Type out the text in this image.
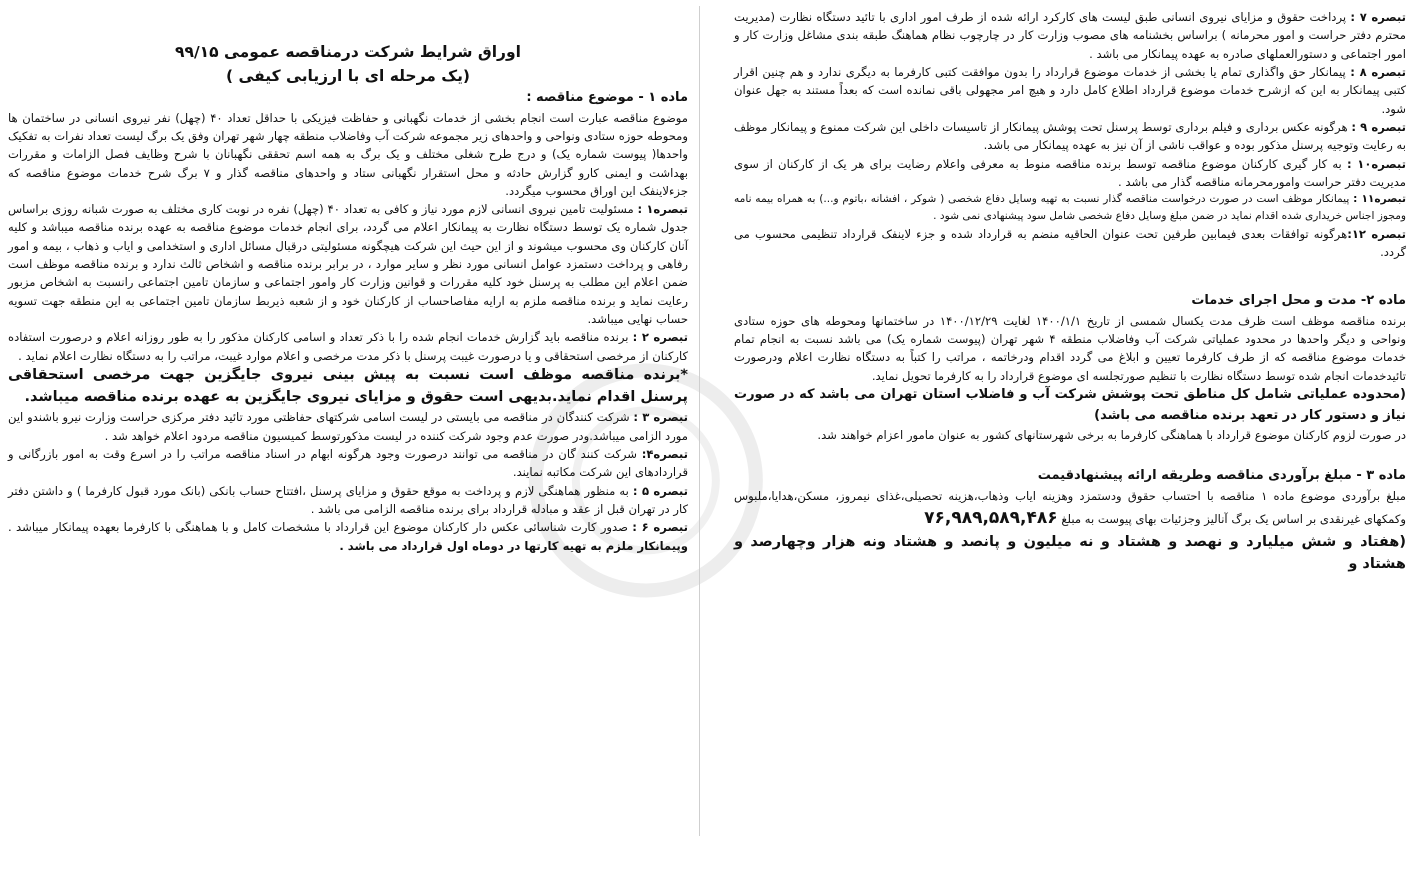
تبصره ۷ : پرداخت حقوق و مزایای نیروی انسانی طبق لیست های کارکرد ارائه شده از طرف امور اداری با تائید دستگاه نظارت (مدیریت محترم دفتر حراست و امور محرمانه ) براساس بخشنامه های مصوب وزارت کار در چارچوب نظام هماهنگ طبقه بندی مشاغل وزارت کار و امور اجتماعی و دستورالعملهای صادره به عهده پیمانکار می باشد .

تبصره ۸ : پیمانکار حق واگذاری تمام یا بخشی از خدمات موضوع قرارداد را بدون موافقت کتبی کارفرما به دیگری ندارد و هم چنین اقرار کتبی پیمانکار به این که ازشرح خدمات موضوع قرارداد اطلاع کامل دارد و هیچ امر مجهولی باقی نمانده است که بعداً مستند به جهل عنوان شود.

تبصره ۹ : هرگونه عکس برداری و فیلم برداری توسط پرسنل تحت پوشش پیمانکار از تاسیسات داخلی این شرکت ممنوع و پیمانکار موظف به رعایت وتوجیه پرسنل مذکور بوده و عواقب ناشی از آن نیز به عهده پیمانکار می باشد.

تبصره۱۰ : به کار گیری کارکنان موضوع مناقصه توسط برنده مناقصه منوط به معرفی واعلام رضایت برای هر یک از کارکنان از سوی مدیریت دفتر حراست وامورمحرمانه مناقصه گذار می باشد .

تبصره۱۱ : پیمانکار موظف است در صورت درخواست مناقصه گذار نسبت به تهیه وسایل دفاع شخصی ( شوکر ، افشانه ،باتوم و...) به همراه بیمه نامه ومجوز اجناس خریداری شده اقدام نماید در ضمن مبلغ وسایل دفاع شخصی شامل سود پیشنهادی نمی شود .

تبصره ۱۲:هرگونه توافقات بعدی فیمابین طرفین تحت عنوان الحاقیه منضم به قرارداد شده و جزء لاینفک قرارداد تنظیمی محسوب می گردد.

ماده ۲- مدت و محل اجرای خدمات

برنده مناقصه موظف است ظرف مدت یکسال شمسی از تاریخ ۱۴۰۰/۱/۱ لغایت ۱۴۰۰/۱۲/۲۹ در ساختمانها ومحوطه های حوزه ستادی ونواحی و دیگر واحدها در محدود عملیاتی شرکت آب وفاضلاب منطقه ۴ شهر تهران (پیوست شماره یک) می باشد نسبت به انجام تمام خدمات موضوع مناقصه که از طرف کارفرما تعیین و ابلاغ می گردد اقدام ودرخاتمه ، مراتب را کتباً به دستگاه نظارت اعلام ودرصورت تائیدخدمات انجام شده توسط دستگاه نظارت با تنظیم صورتجلسه ای موضوع قرارداد را به کارفرما تحویل نماید.

(محدوده عملیاتی شامل کل مناطق تحت پوشش شرکت آب و فاضلاب استان تهران می باشد که در صورت نیاز و دستور کار در تعهد برنده مناقصه می باشد)

در صورت لزوم کارکنان موضوع قرارداد با هماهنگی کارفرما به برخی شهرستانهای کشور به عنوان مامور اعزام خواهند شد.

ماده ۳ - مبلغ برآوردی مناقصه وطریقه ارائه پیشنهادقیمت

مبلغ برآوردی موضوع ماده ۱ مناقصه با احتساب حقوق ودستمزد وهزینه ایاب وذهاب،هزینه تحصیلی،غذای نیمروز، مسکن،هدایا،ملبوس وکمکهای غیرنقدی بر اساس یک برگ آنالیز وجزئیات بهای پیوست به مبلغ ۷۶,۹۸۹,۵۸۹,۴۸۶

(هفتاد و شش میلیارد و نهصد و هشتاد و نه میلیون و پانصد و هشتاد ونه هزار وچهارصد و هشتاد و

اوراق شرایط شرکت درمناقصه عمومی ۹۹/۱۵

(یک مرحله ای با ارزیابی کیفی )

ماده ۱ - موضوع مناقصه :

موضوع مناقصه عبارت است انجام بخشی از خدمات نگهبانی و حفاظت فیزیکی با حداقل تعداد ۴۰ (چهل) نفر نیروی انسانی در ساختمان ها ومحوطه حوزه ستادی ونواحی و واحدهای زیر مجموعه شرکت آب وفاضلاب منطقه چهار شهر تهران وفق یک برگ لیست تعداد نفرات به تفکیک واحدها( پیوست شماره یک) و درج طرح شغلی مختلف و یک برگ به همه اسم تحققی نگهبانان با شرح وظایف فصل الزامات و مقررات بهداشت و ایمنی کارو گزارش حادثه و محل استقرار نگهبانی ستاد و واحدهای مناقصه گذار و ۷ برگ شرح خدمات موضوع مناقصه که جزءلاینفک این اوراق محسوب میگردد.

تبصره۱ : مسئولیت تامین نیروی انسانی لازم مورد نیاز و کافی به تعداد ۴۰ (چهل) نفره در نوبت کاری مختلف به صورت شبانه روزی براساس جدول شماره یک توسط دستگاه نظارت به پیمانکار اعلام می گردد، برای انجام خدمات موضوع مناقصه به عهده برنده مناقصه میباشد و کلیه آنان کارکنان وی محسوب میشوند و از این حیث این شرکت هیچگونه مسئولیتی درقبال مسائل اداری و استخدامی و ایاب و ذهاب ، بیمه و امور رفاهی و پرداخت دستمزد عوامل انسانی مورد نظر و سایر موارد ، در برابر برنده مناقصه و اشخاص ثالث ندارد و برنده مناقصه موظف است ضمن اعلام این مطلب به پرسنل خود کلیه مقررات و قوانین وزارت کار وامور اجتماعی و سازمان تامین اجتماعی رانسبت به اشخاص مزبور رعایت نماید و برنده مناقصه ملزم به ارایه مفاصاحساب از کارکنان خود و از شعبه ذیربط سازمان تامین اجتماعی به این منطقه جهت تسویه حساب نهایی میباشد.

تبصره ۲ : برنده مناقصه باید گزارش خدمات انجام شده را با ذکر تعداد و اسامی کارکنان مذکور را به طور روزانه اعلام و درصورت استفاده کارکنان از مرخصی استحقاقی و یا درصورت غیبت پرسنل با ذکر مدت مرخصی و اعلام موارد غیبت، مراتب را به دستگاه نظارت اعلام نماید .

*برنده مناقصه موظف است نسبت به پیش بینی نیروی جایگزین جهت مرخصی استحقاقی پرسنل اقدام نماید.بدیهی است حقوق و مزایای نیروی جایگزین به عهده برنده مناقصه میباشد.

تبصره ۳ : شرکت کنندگان در مناقصه می بایستی در لیست اسامی شرکتهای حفاظتی مورد تائید دفتر مرکزی حراست وزارت نیرو باشندو این مورد الزامی میباشد.ودر صورت عدم وجود شرکت کننده در لیست مذکورتوسط کمیسیون مناقصه مردود اعلام خواهد شد .

تبصره۴: شرکت کنند گان در مناقصه می توانند درصورت وجود هرگونه ابهام در اسناد مناقصه مراتب را در اسرع وقت به امور بازرگانی و قراردادهای این شرکت مکاتبه نمایند.

تبصره ۵ : به منظور هماهنگی لازم و پرداخت به موقع حقوق و مزایای پرسنل ،افتتاح حساب بانکی (بانک مورد قبول کارفرما ) و داشتن دفتر کار در تهران قبل از عقد و مبادله قرارداد برای برنده مناقصه الزامی می باشد .

تبصره ۶ : صدور کارت شناسائی عکس دار کارکنان موضوع این قرارداد با مشخصات کامل و با هماهنگی با کارفرما بعهده پیمانکار میباشد . وپیمانکار ملزم به تهیه کارتها در دوماه اول قرارداد می باشد .
